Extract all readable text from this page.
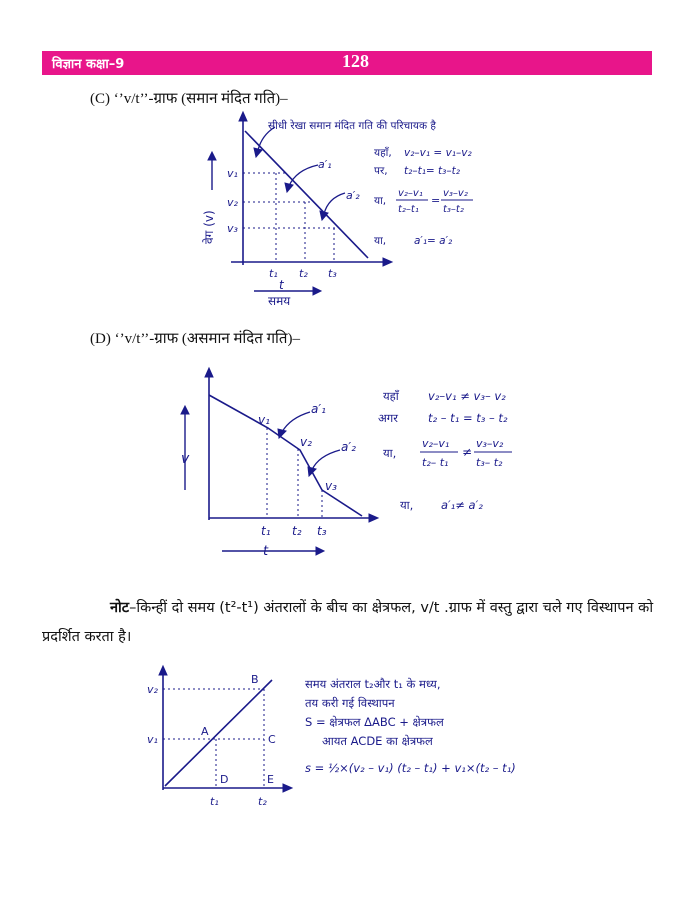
विज्ञान कक्षा–9	128
(C) ‘’v/t’’-ग्राफ (समान मंदित गति)–
सीधी रेखा समान मंदित गति की परिचायक है
वेग (v)
समय
t
v₁
v₂
v₃
t₁ t₂ t₃
a′₁
a′₂
यहाँ, v₂–v₁ = v₁–v₂
पर, t₂–t₁= t₃–t₂
या,
v₂–v₁
t₂–t₁
=
v₃–v₂
t₃–t₂
या,	a′₁= a′₂
(D) ‘’v/t’’-ग्राफ (असमान मंदित गति)–
v
t
v₁
v₂
v₃
t₁ t₂ t₃
a′₁
a′₂
यहाँ	v₂–v₁ ≠ v₃– v₂
अगर	t₂ – t₁ = t₃ – t₂
या,
v₂–v₁
t₂– t₁
≠
v₃–v₂
t₃– t₂
या, a′₁≠ a′₂
नोट–किन्हीं दो समय (t²-t¹) अंतरालों के बीच का क्षेत्रफल, v/t .ग्राफ में वस्तु द्वारा चले गए विस्थापन को प्रदर्शित करता है।
A
B
C
D	E
v₂
v₁
t₁	t₂
समय अंतराल t₂और t₁ के मध्य,
तय करी गई विस्थापन
S = क्षेत्रफल ΔABC + क्षेत्रफल
आयत ACDE का क्षेत्रफल
s = ½×(v₂ – v₁) (t₂ – t₁) + v₁×(t₂ – t₁)
